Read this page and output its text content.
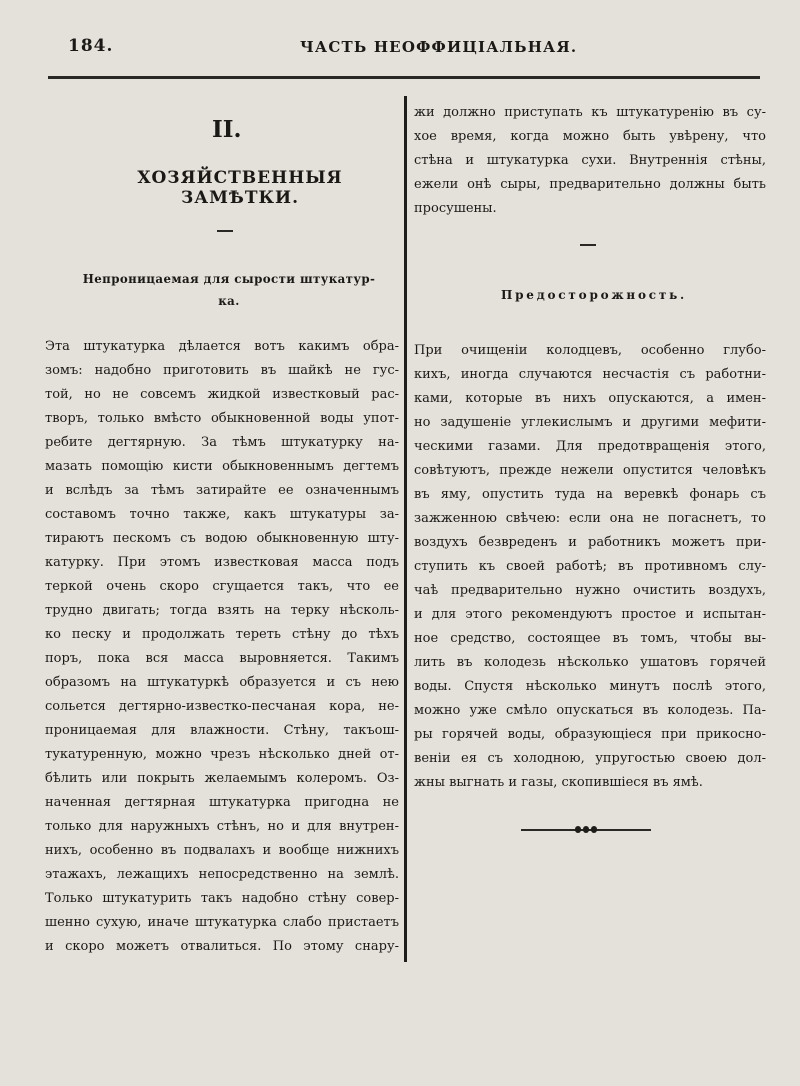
184.	ЧАСТЬ НЕОФФИЦІАЛЬНАЯ.
II.
ХОЗЯЙСТВЕННЫЯ ЗАМѢТКИ.
Непроницаемая для сырости штукатур-
ка.
Эта штукатурка дѣлается вотъ какимъ обра-
зомъ: надобно приготовить въ шайкѣ не гус-
той, но не совсемъ жидкой известковый рас-
творъ, только вмѣсто обыкновенной воды упот-
ребите дегтярную. За тѣмъ штукатурку на-
мазать помощію кисти обыкновеннымъ дегтемъ
и вслѣдъ за тѣмъ затирайте ее означеннымъ
составомъ точно также, какъ штукатуры за-
тираютъ пескомъ съ водою обыкновенную шту-
катурку. При этомъ известковая масса подъ
теркой очень скоро сгущается такъ, что ее
трудно двигать; тогда взять на терку нѣсколь-
ко песку и продолжать тереть стѣну до тѣхъ
поръ, пока вся масса выровняется. Такимъ
образомъ на штукатуркѣ образуется и съ нею
сольется дегтярно-известко-песчаная кора, не-
проницаемая для влажности. Стѣну, такъош-
тукатуренную, можно чрезъ нѣсколько дней от-
бѣлить или покрыть желаемымъ колеромъ. Оз-
наченная дегтярная штукатурка пригодна не
только для наружныхъ стѣнъ, но и для внутрен-
нихъ, особенно въ подвалахъ и вообще нижнихъ
этажахъ, лежащихъ непосредственно на землѣ.
Только штукатурить такъ надобно стѣну совер-
шенно сухую, иначе штукатурка слабо пристаетъ
и скоро можетъ отвалиться. По этому снару-
жи должно приступать къ штукатуренію въ су-
хое время, когда можно быть увѣрену, что
стѣна и штукатурка сухи. Внутреннія стѣны,
ежели онѣ сыры, предварительно должны быть
просушены.
Предосторожность.
При очищеніи колодцевъ, особенно глубо-
кихъ, иногда случаются несчастія съ работни-
ками, которые въ нихъ опускаются, а имен-
но задушеніе углекислымъ и другими мефити-
ческими газами. Для предотвращенія этого,
совѣтуютъ, прежде нежели опустится человѣкъ
въ яму, опустить туда на веревкѣ фонарь съ
зажженною свѣчею: если она не погаснетъ, то
воздухъ безвреденъ и работникъ можетъ при-
ступить къ своей работѣ; въ противномъ слу-
чаѣ предварительно нужно очистить воздухъ,
и для этого рекомендуютъ простое и испытан-
ное средство, состоящее въ томъ, чтобы вы-
лить въ колодезь нѣсколько ушатовъ горячей
воды. Спустя нѣсколько минутъ послѣ этого,
можно уже смѣло опускаться въ колодезь. Па-
ры горячей воды, образующіеся при прикосно-
веніи ея съ холодною, упругостью своею дол-
жны выгнать и газы, скопившіеся въ ямѣ.
